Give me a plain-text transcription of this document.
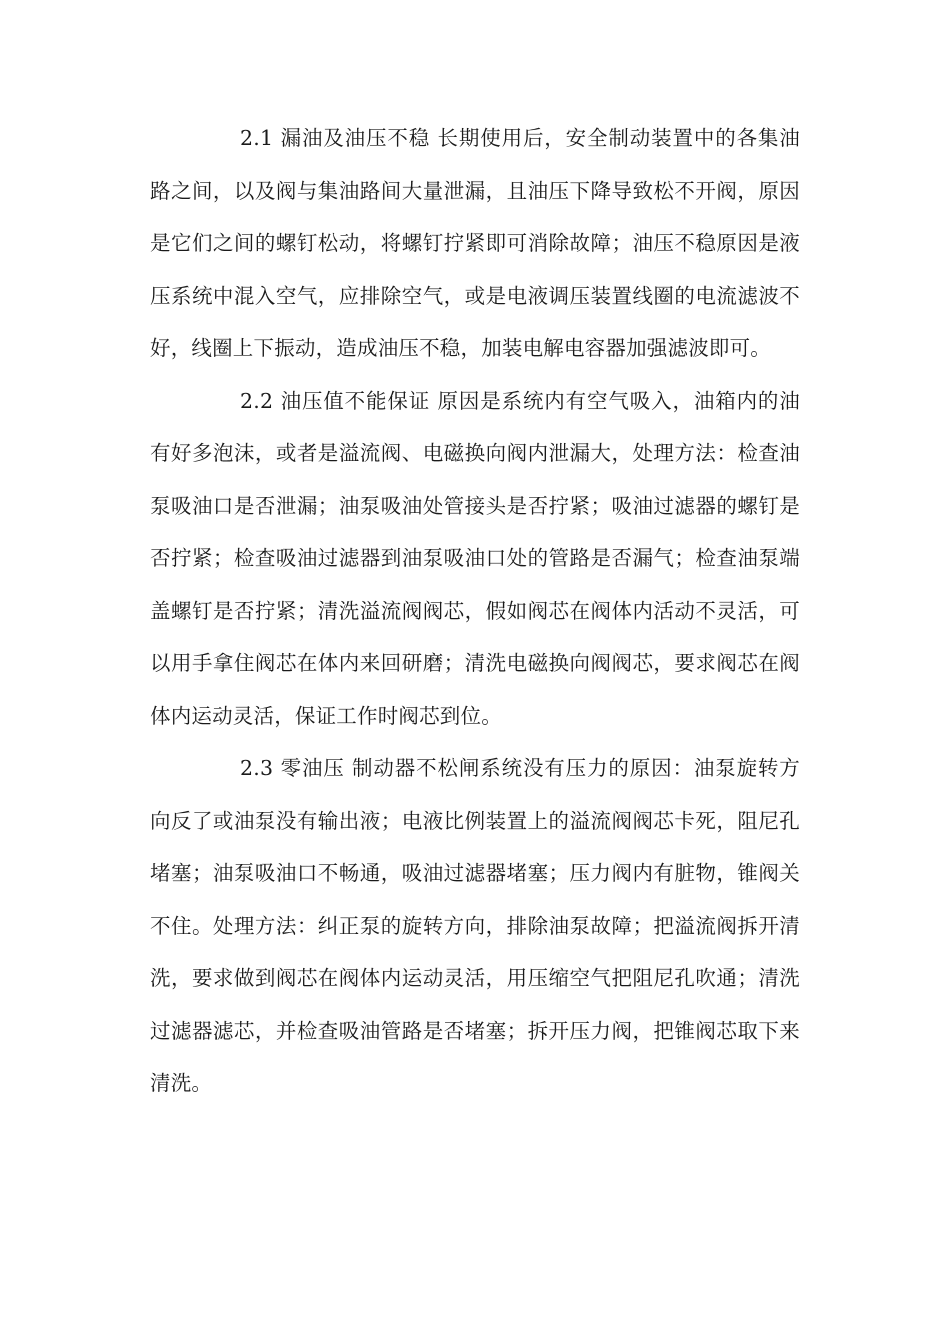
2.1 漏油及油压不稳 长期使用后，安全制动装置中的各集油路之间，以及阀与集油路间大量泄漏，且油压下降导致松不开阀，原因是它们之间的螺钉松动，将螺钉拧紧即可消除故障；油压不稳原因是液压系统中混入空气，应排除空气，或是电液调压装置线圈的电流滤波不好，线圈上下振动，造成油压不稳，加装电解电容器加强滤波即可。

2.2 油压值不能保证 原因是系统内有空气吸入，油箱内的油有好多泡沫，或者是溢流阀、电磁换向阀内泄漏大，处理方法：检查油泵吸油口是否泄漏；油泵吸油处管接头是否拧紧；吸油过滤器的螺钉是否拧紧；检查吸油过滤器到油泵吸油口处的管路是否漏气；检查油泵端盖螺钉是否拧紧；清洗溢流阀阀芯，假如阀芯在阀体内活动不灵活，可以用手拿住阀芯在体内来回研磨；清洗电磁换向阀阀芯，要求阀芯在阀体内运动灵活，保证工作时阀芯到位。

2.3 零油压 制动器不松闸系统没有压力的原因：油泵旋转方向反了或油泵没有输出液；电液比例装置上的溢流阀阀芯卡死，阻尼孔堵塞；油泵吸油口不畅通，吸油过滤器堵塞；压力阀内有脏物，锥阀关不住。处理方法：纠正泵的旋转方向，排除油泵故障；把溢流阀拆开清洗，要求做到阀芯在阀体内运动灵活，用压缩空气把阻尼孔吹通；清洗过滤器滤芯，并检查吸油管路是否堵塞；拆开压力阀，把锥阀芯取下来清洗。
